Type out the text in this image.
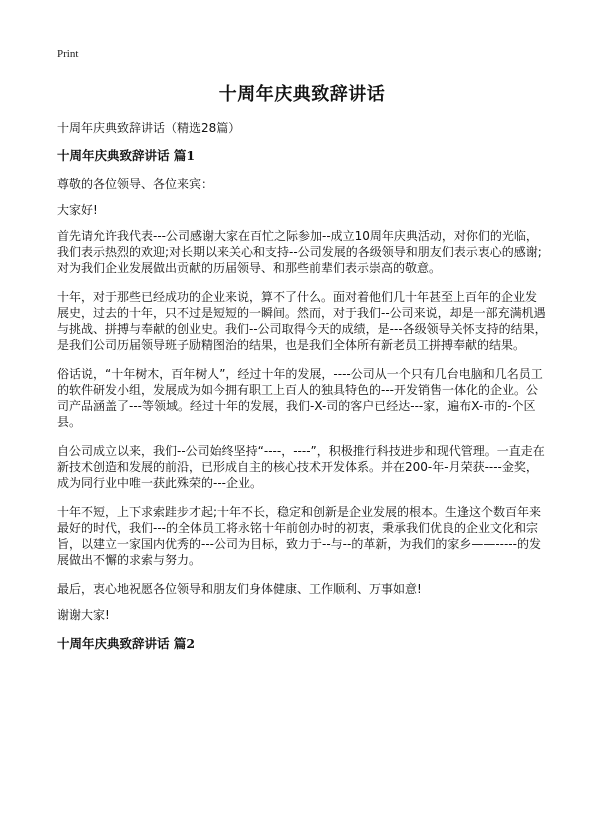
Print
十周年庆典致辞讲话

十周年庆典致辞讲话（精选28篇）

十周年庆典致辞讲话 篇1

尊敬的各位领导、各位来宾：

大家好!

首先请允许我代表---公司感谢大家在百忙之际参加--成立10周年庆典活动，对你们的光临，我们表示热烈的欢迎;对长期以来关心和支持--公司发展的各级领导和朋友们表示衷心的感谢;对为我们企业发展做出贡献的历届领导、和那些前辈们表示崇高的敬意。

十年，对于那些已经成功的企业来说，算不了什么。面对着他们几十年甚至上百年的企业发展史，过去的十年，只不过是短短的一瞬间。然而，对于我们--公司来说，却是一部充满机遇与挑战、拼搏与奉献的创业史。我们--公司取得今天的成绩，是---各级领导关怀支持的结果，是我们公司历届领导班子励精图治的结果，也是我们全体所有新老员工拼搏奉献的结果。

俗话说，“十年树木，百年树人”，经过十年的发展，----公司从一个只有几台电脑和几名员工的软件研发小组，发展成为如今拥有职工上百人的独具特色的---开发销售一体化的企业。公司产品涵盖了---等领域。经过十年的发展，我们-X-司的客户已经达---家，遍布X-市的-个区县。

自公司成立以来，我们--公司始终坚持“----，----”，积极推行科技进步和现代管理。一直走在新技术创造和发展的前沿，已形成自主的核心技术开发体系。并在200-年-月荣获----金奖，成为同行业中唯一获此殊荣的---企业。

十年不短，上下求索跬步才起;十年不长，稳定和创新是企业发展的根本。生逢这个数百年来最好的时代，我们---的全体员工将永铭十年前创办时的初衷，秉承我们优良的企业文化和宗旨，以建立一家国内优秀的---公司为目标，致力于--与--的革新，为我们的家乡——-----的发展做出不懈的求索与努力。

最后，衷心地祝愿各位领导和朋友们身体健康、工作顺利、万事如意!

谢谢大家!

十周年庆典致辞讲话 篇2
